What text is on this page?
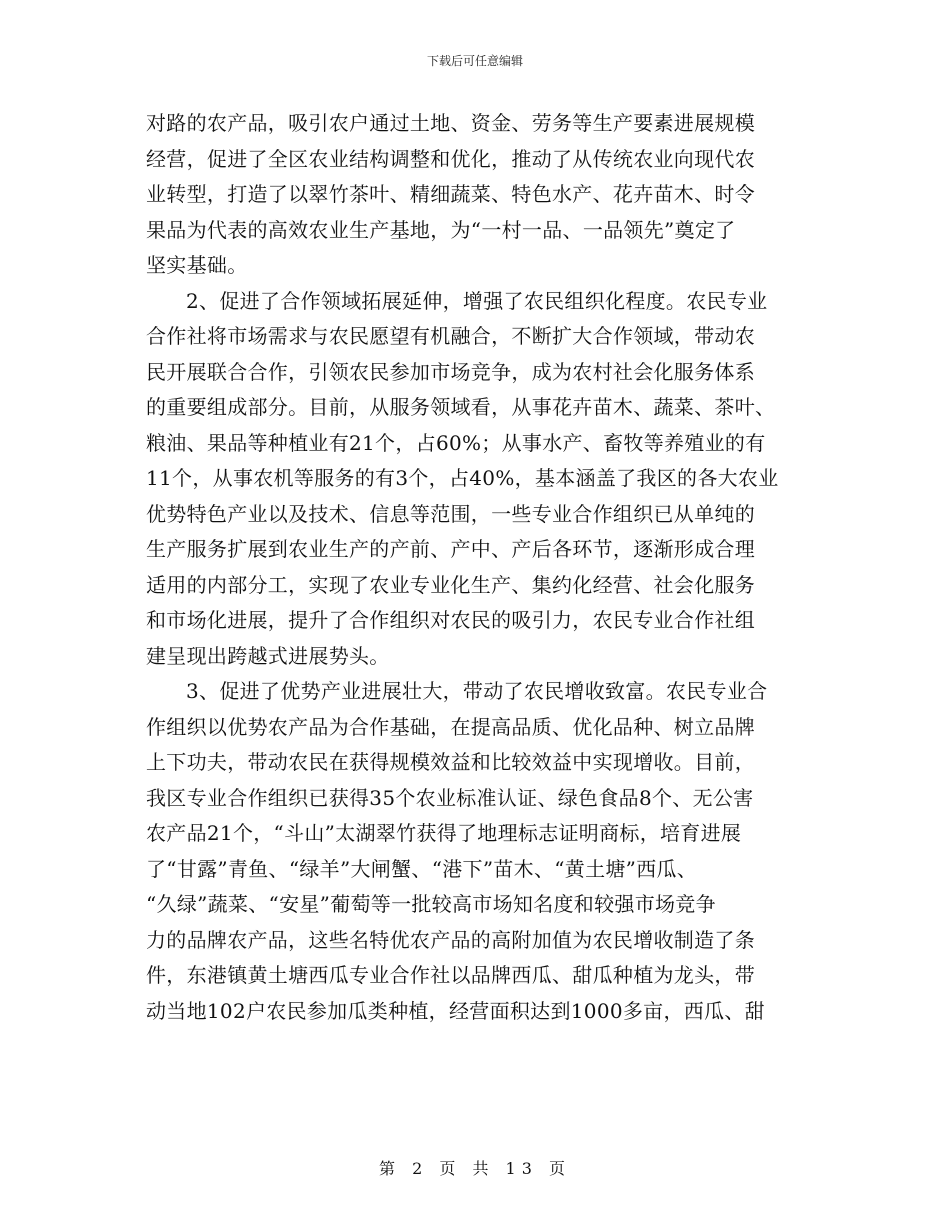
下载后可任意编辑

对路的农产品，吸引农户通过土地、资金、劳务等生产要素进展规模
经营，促进了全区农业结构调整和优化，推动了从传统农业向现代农
业转型，打造了以翠竹茶叶、精细蔬菜、特色水产、花卉苗木、时令
果品为代表的高效农业生产基地，为“一村一品、一品领先”奠定了
坚实基础。

2、促进了合作领域拓展延伸，增强了农民组织化程度。农民专业
合作社将市场需求与农民愿望有机融合，不断扩大合作领域，带动农
民开展联合合作，引领农民参加市场竞争，成为农村社会化服务体系
的重要组成部分。目前，从服务领域看，从事花卉苗木、蔬菜、茶叶、
粮油、果品等种植业有21个，占60%；从事水产、畜牧等养殖业的有
11个，从事农机等服务的有3个，占40%，基本涵盖了我区的各大农业
优势特色产业以及技术、信息等范围，一些专业合作组织已从单纯的
生产服务扩展到农业生产的产前、产中、产后各环节，逐渐形成合理
适用的内部分工，实现了农业专业化生产、集约化经营、社会化服务
和市场化进展，提升了合作组织对农民的吸引力，农民专业合作社组
建呈现出跨越式进展势头。

3、促进了优势产业进展壮大，带动了农民增收致富。农民专业合
作组织以优势农产品为合作基础，在提高品质、优化品种、树立品牌
上下功夫，带动农民在获得规模效益和比较效益中实现增收。目前，
我区专业合作组织已获得35个农业标准认证、绿色食品8个、无公害
农产品21个，“斗山”太湖翠竹获得了地理标志证明商标，培育进展
了“甘露”青鱼、“绿羊”大闸蟹、“港下”苗木、“黄土塘”西瓜、
“久绿”蔬菜、“安星”葡萄等一批较高市场知名度和较强市场竞争
力的品牌农产品，这些名特优农产品的高附加值为农民增收制造了条
件，东港镇黄土塘西瓜专业合作社以品牌西瓜、甜瓜种植为龙头，带
动当地102户农民参加瓜类种植，经营面积达到1000多亩，西瓜、甜

第 2 页 共 13 页
